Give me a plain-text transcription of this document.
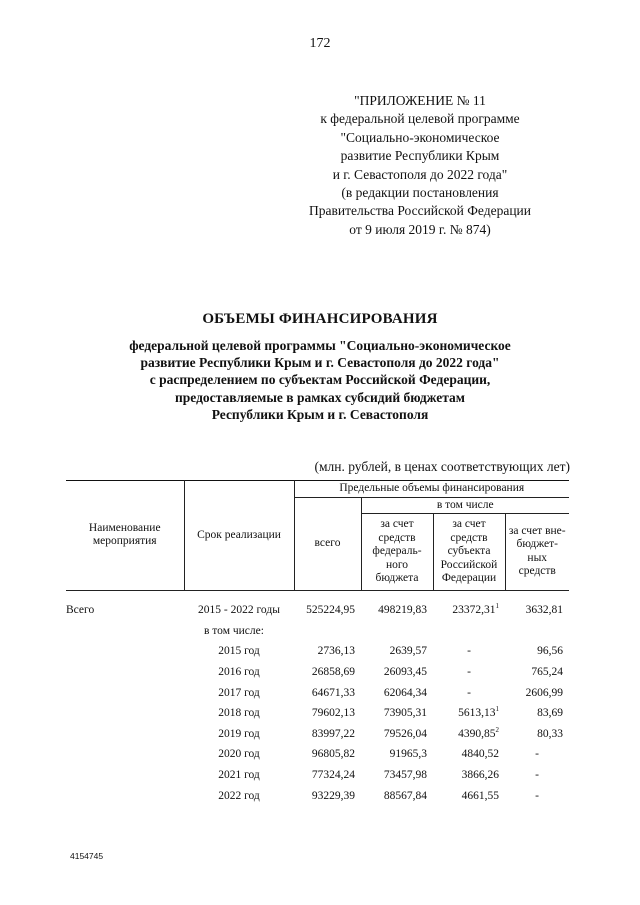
172
"ПРИЛОЖЕНИЕ № 11
к федеральной целевой программе
"Социально-экономическое
развитие Республики Крым
и г. Севастополя до 2022 года"
(в редакции постановления
Правительства Российской Федерации
от 9 июля 2019 г. № 874)
ОБЪЕМЫ ФИНАНСИРОВАНИЯ
федеральной целевой программы "Социально-экономическое
развитие Республики Крым и г. Севастополя до 2022 года"
с распределением по субъектам Российской Федерации,
предоставляемые в рамках субсидий бюджетам
Республики Крым и г. Севастополя
(млн. рублей, в ценах соответствующих лет)
Наименование мероприятия	Срок реализации	Предельные объемы финансирования			
		всего	в том числе		
			за счет средств федераль-ного бюджета	за счет средств субъекта Российской Федерации	за счет вне-бюджет-ных средств
Всего	2015 - 2022 годы	525224,95	498219,83	23372,31$^1$	3632,81
	в том числе:				
	2015 год	2736,13	2639,57	-	96,56
	2016 год	26858,69	26093,45	-	765,24
	2017 год	64671,33	62064,34	-	2606,99
	2018 год	79602,13	73905,31	5613,13$^1$	83,69
	2019 год	83997,22	79526,04	4390,85$^2$	80,33
	2020 год	96805,82	91965,3	4840,52	-
	2021 год	77324,24	73457,98	3866,26	-
	2022 год	93229,39	88567,84	4661,55	-
4154745
